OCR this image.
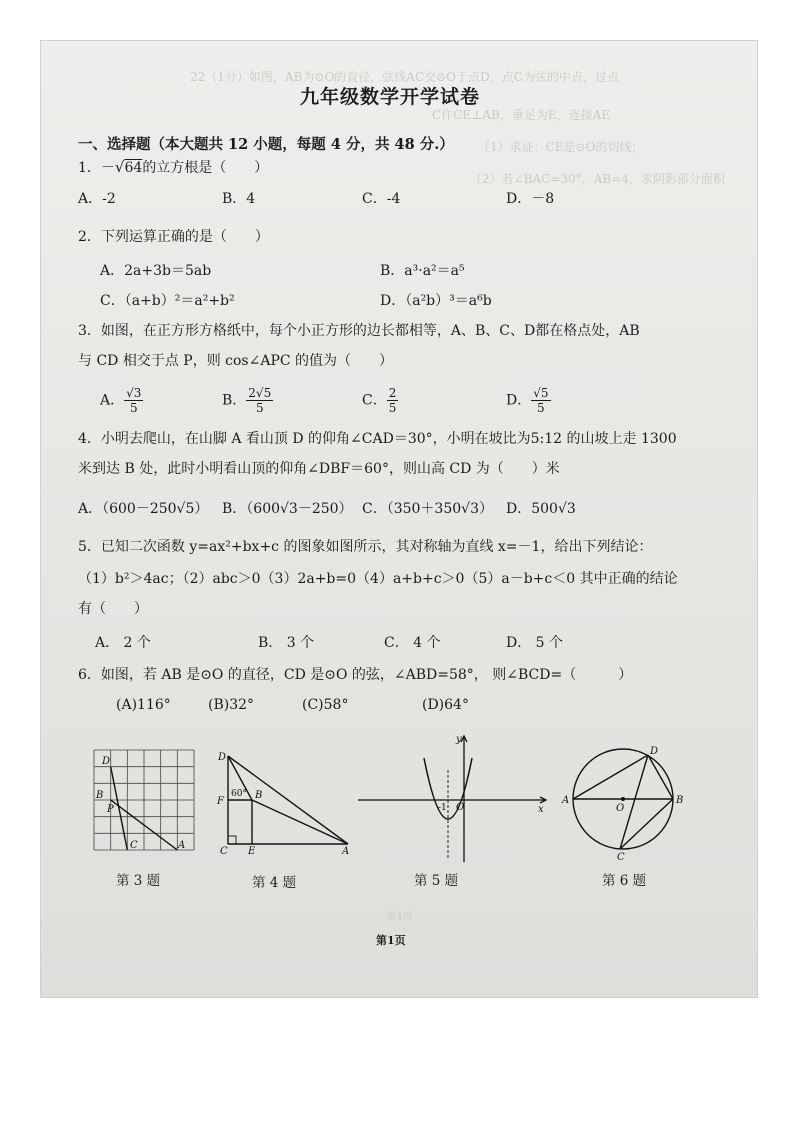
22（1分）如图，AB为⊙O的直径，弦线AC交⊙O于点D，点C为弦的中点，过点
C作CE⊥AB，垂足为E，连接AE
（1）求证：CE是⊙O的切线；
（2）若∠BAC=30°，AB=4，求阴影部分面积
九年级数学开学试卷
一、选择题（本大题共 12 小题，每题 4 分，共 48 分.）
1．－√64的立方根是（　　）
A．-2	B．4	C．-4	D．－8
2．下列运算正确的是（　　）
A．2a+3b＝5ab	B．a³·a²＝a⁵
C．（a+b）²＝a²+b²	D．（a²b）³＝a⁶b
3．如图，在正方形方格纸中，每个小正方形的边长都相等，A、B、C、D都在格点处，AB
与 CD 相交于点 P，则 cos∠APC 的值为（　　）
A． $\frac{√3}{5}$	B． $\frac{2√5}{5}$	C． $\frac{2}{5}$	D． $\frac{√5}{5}$
4．小明去爬山，在山脚 A 看山顶 D 的仰角∠CAD＝30°，小明在坡比为5:12 的山坡上走 1300
米到达 B 处，此时小明看山顶的仰角∠DBF＝60°，则山高 CD 为（　　）米
A．（600－250√5） B．（600√3－250） C．（350＋350√3） D．500√3
5．已知二次函数 y=ax²+bx+c 的图象如图所示，其对称轴为直线 x=－1，给出下列结论：
（1）b²＞4ac；（2）abc＞0（3）2a+b=0（4）a+b+c＞0（5）a－b+c＜0 其中正确的结论
有（　　）
A． 2 个	B． 3 个	C． 4 个	D． 5 个
6．如图，若 AB 是⊙O 的直径，CD 是⊙O 的弦，∠ABD=58°， 则∠BCD=（　　　）
(A)116°	(B)32°	(C)58°	(D)64°
D
B
P
C	A
D
F
60° B
C E	A
y
x
O
-1
D
A
O
B
C
第 3 题	第 4 题	第 5 题	第 6 题
第4页
第1页
